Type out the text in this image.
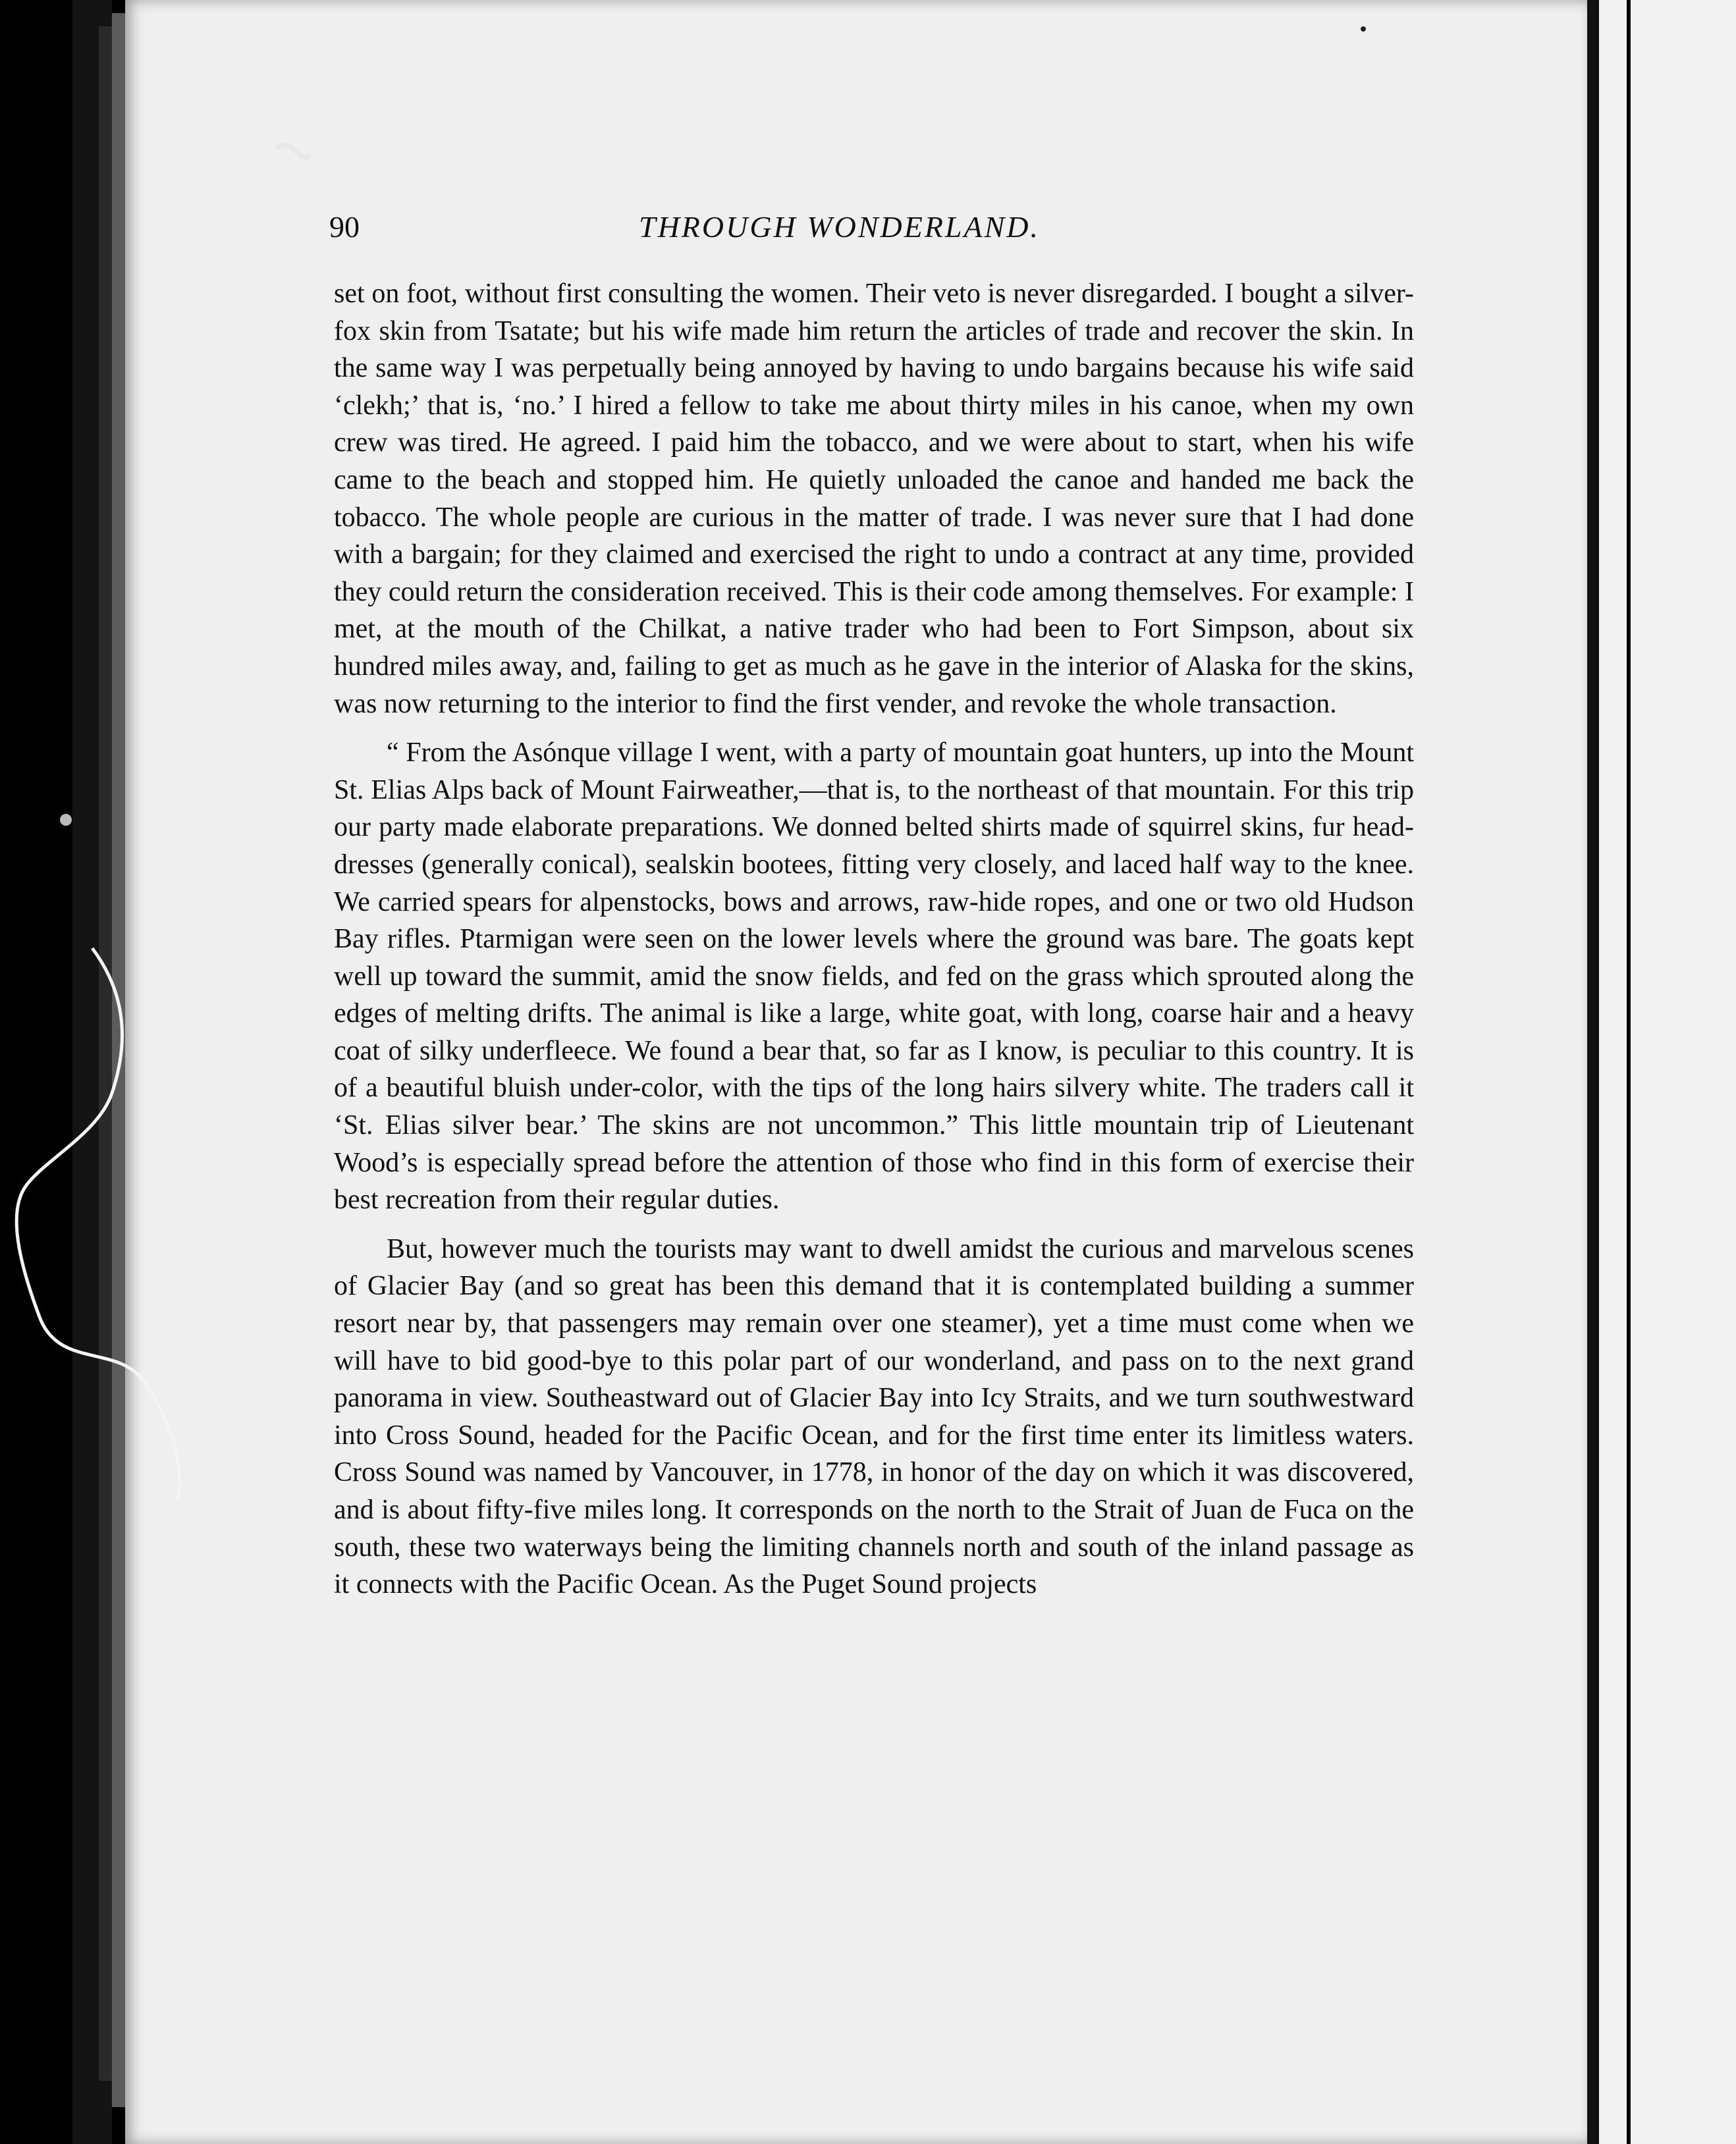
90	THROUGH WONDERLAND.

set on foot, without first consulting the women. Their veto is never disregarded. I bought a silver-fox skin from Tsatate; but his wife made him return the articles of trade and recover the skin. In the same way I was perpetually being annoyed by having to undo bargains because his wife said ‘clekh;’ that is, ‘no.’ I hired a fellow to take me about thirty miles in his canoe, when my own crew was tired. He agreed. I paid him the tobacco, and we were about to start, when his wife came to the beach and stopped him. He quietly unloaded the canoe and handed me back the tobacco. The whole people are curious in the matter of trade. I was never sure that I had done with a bargain; for they claimed and exercised the right to undo a contract at any time, provided they could return the consideration received. This is their code among themselves. For example: I met, at the mouth of the Chilkat, a native trader who had been to Fort Simpson, about six hundred miles away, and, failing to get as much as he gave in the interior of Alaska for the skins, was now returning to the interior to find the first vender, and revoke the whole transaction.

“ From the Asónque village I went, with a party of mountain goat hunters, up into the Mount St. Elias Alps back of Mount Fairweather,—that is, to the northeast of that mountain. For this trip our party made elaborate preparations. We donned belted shirts made of squirrel skins, fur head-dresses (generally conical), sealskin bootees, fitting very closely, and laced half way to the knee. We carried spears for alpenstocks, bows and arrows, raw-hide ropes, and one or two old Hudson Bay rifles. Ptarmigan were seen on the lower levels where the ground was bare. The goats kept well up toward the summit, amid the snow fields, and fed on the grass which sprouted along the edges of melting drifts. The animal is like a large, white goat, with long, coarse hair and a heavy coat of silky underfleece. We found a bear that, so far as I know, is peculiar to this country. It is of a beautiful bluish under-color, with the tips of the long hairs silvery white. The traders call it ‘St. Elias silver bear.’ The skins are not uncommon.” This little mountain trip of Lieutenant Wood’s is especially spread before the attention of those who find in this form of exercise their best recreation from their regular duties.

But, however much the tourists may want to dwell amidst the curious and marvelous scenes of Glacier Bay (and so great has been this demand that it is contemplated building a summer resort near by, that passengers may remain over one steamer), yet a time must come when we will have to bid good-bye to this polar part of our wonderland, and pass on to the next grand panorama in view. Southeastward out of Glacier Bay into Icy Straits, and we turn southwestward into Cross Sound, headed for the Pacific Ocean, and for the first time enter its limitless waters. Cross Sound was named by Vancouver, in 1778, in honor of the day on which it was discovered, and is about fifty-five miles long. It corresponds on the north to the Strait of Juan de Fuca on the south, these two waterways being the limiting channels north and south of the inland passage as it connects with the Pacific Ocean. As the Puget Sound projects
